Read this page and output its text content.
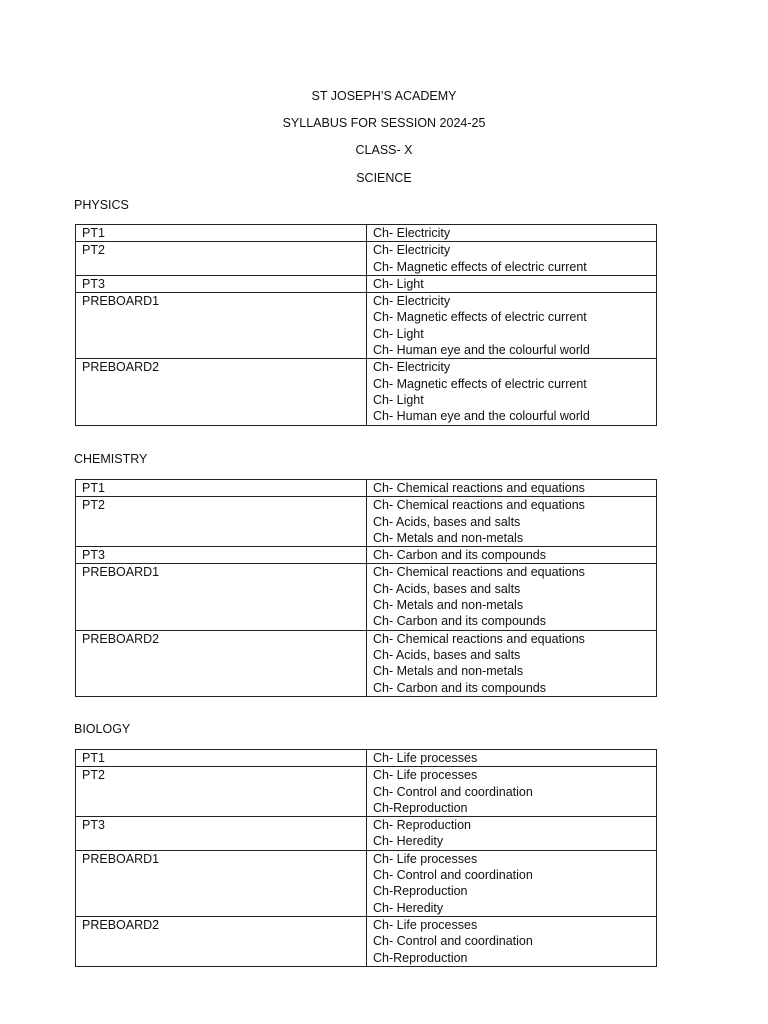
ST JOSEPH’S ACADEMY
SYLLABUS FOR SESSION 2024-25
CLASS- X
SCIENCE
PHYSICS
PT1	Ch- Electricity

PT2	Ch- Electricity
Ch- Magnetic effects of electric current

PT3	Ch- Light

PREBOARD1	Ch- Electricity
Ch- Magnetic effects of electric current
Ch- Light
Ch- Human eye and the colourful world

PREBOARD2	Ch- Electricity
Ch- Magnetic effects of electric current
Ch- Light
Ch- Human eye and the colourful world
CHEMISTRY
PT1	Ch- Chemical reactions and equations

PT2	Ch- Chemical reactions and equations
Ch- Acids, bases and salts
Ch- Metals and non-metals

PT3	Ch- Carbon and its compounds

PREBOARD1	Ch- Chemical reactions and equations
Ch- Acids, bases and salts
Ch- Metals and non-metals
Ch- Carbon and its compounds

PREBOARD2	Ch- Chemical reactions and equations
Ch- Acids, bases and salts
Ch- Metals and non-metals
Ch- Carbon and its compounds
BIOLOGY
PT1	Ch- Life processes

PT2	Ch- Life processes
Ch- Control and coordination
Ch-Reproduction

PT3	Ch- Reproduction
Ch- Heredity

PREBOARD1	Ch- Life processes
Ch- Control and coordination
Ch-Reproduction
Ch- Heredity

PREBOARD2	Ch- Life processes
Ch- Control and coordination
Ch-Reproduction
